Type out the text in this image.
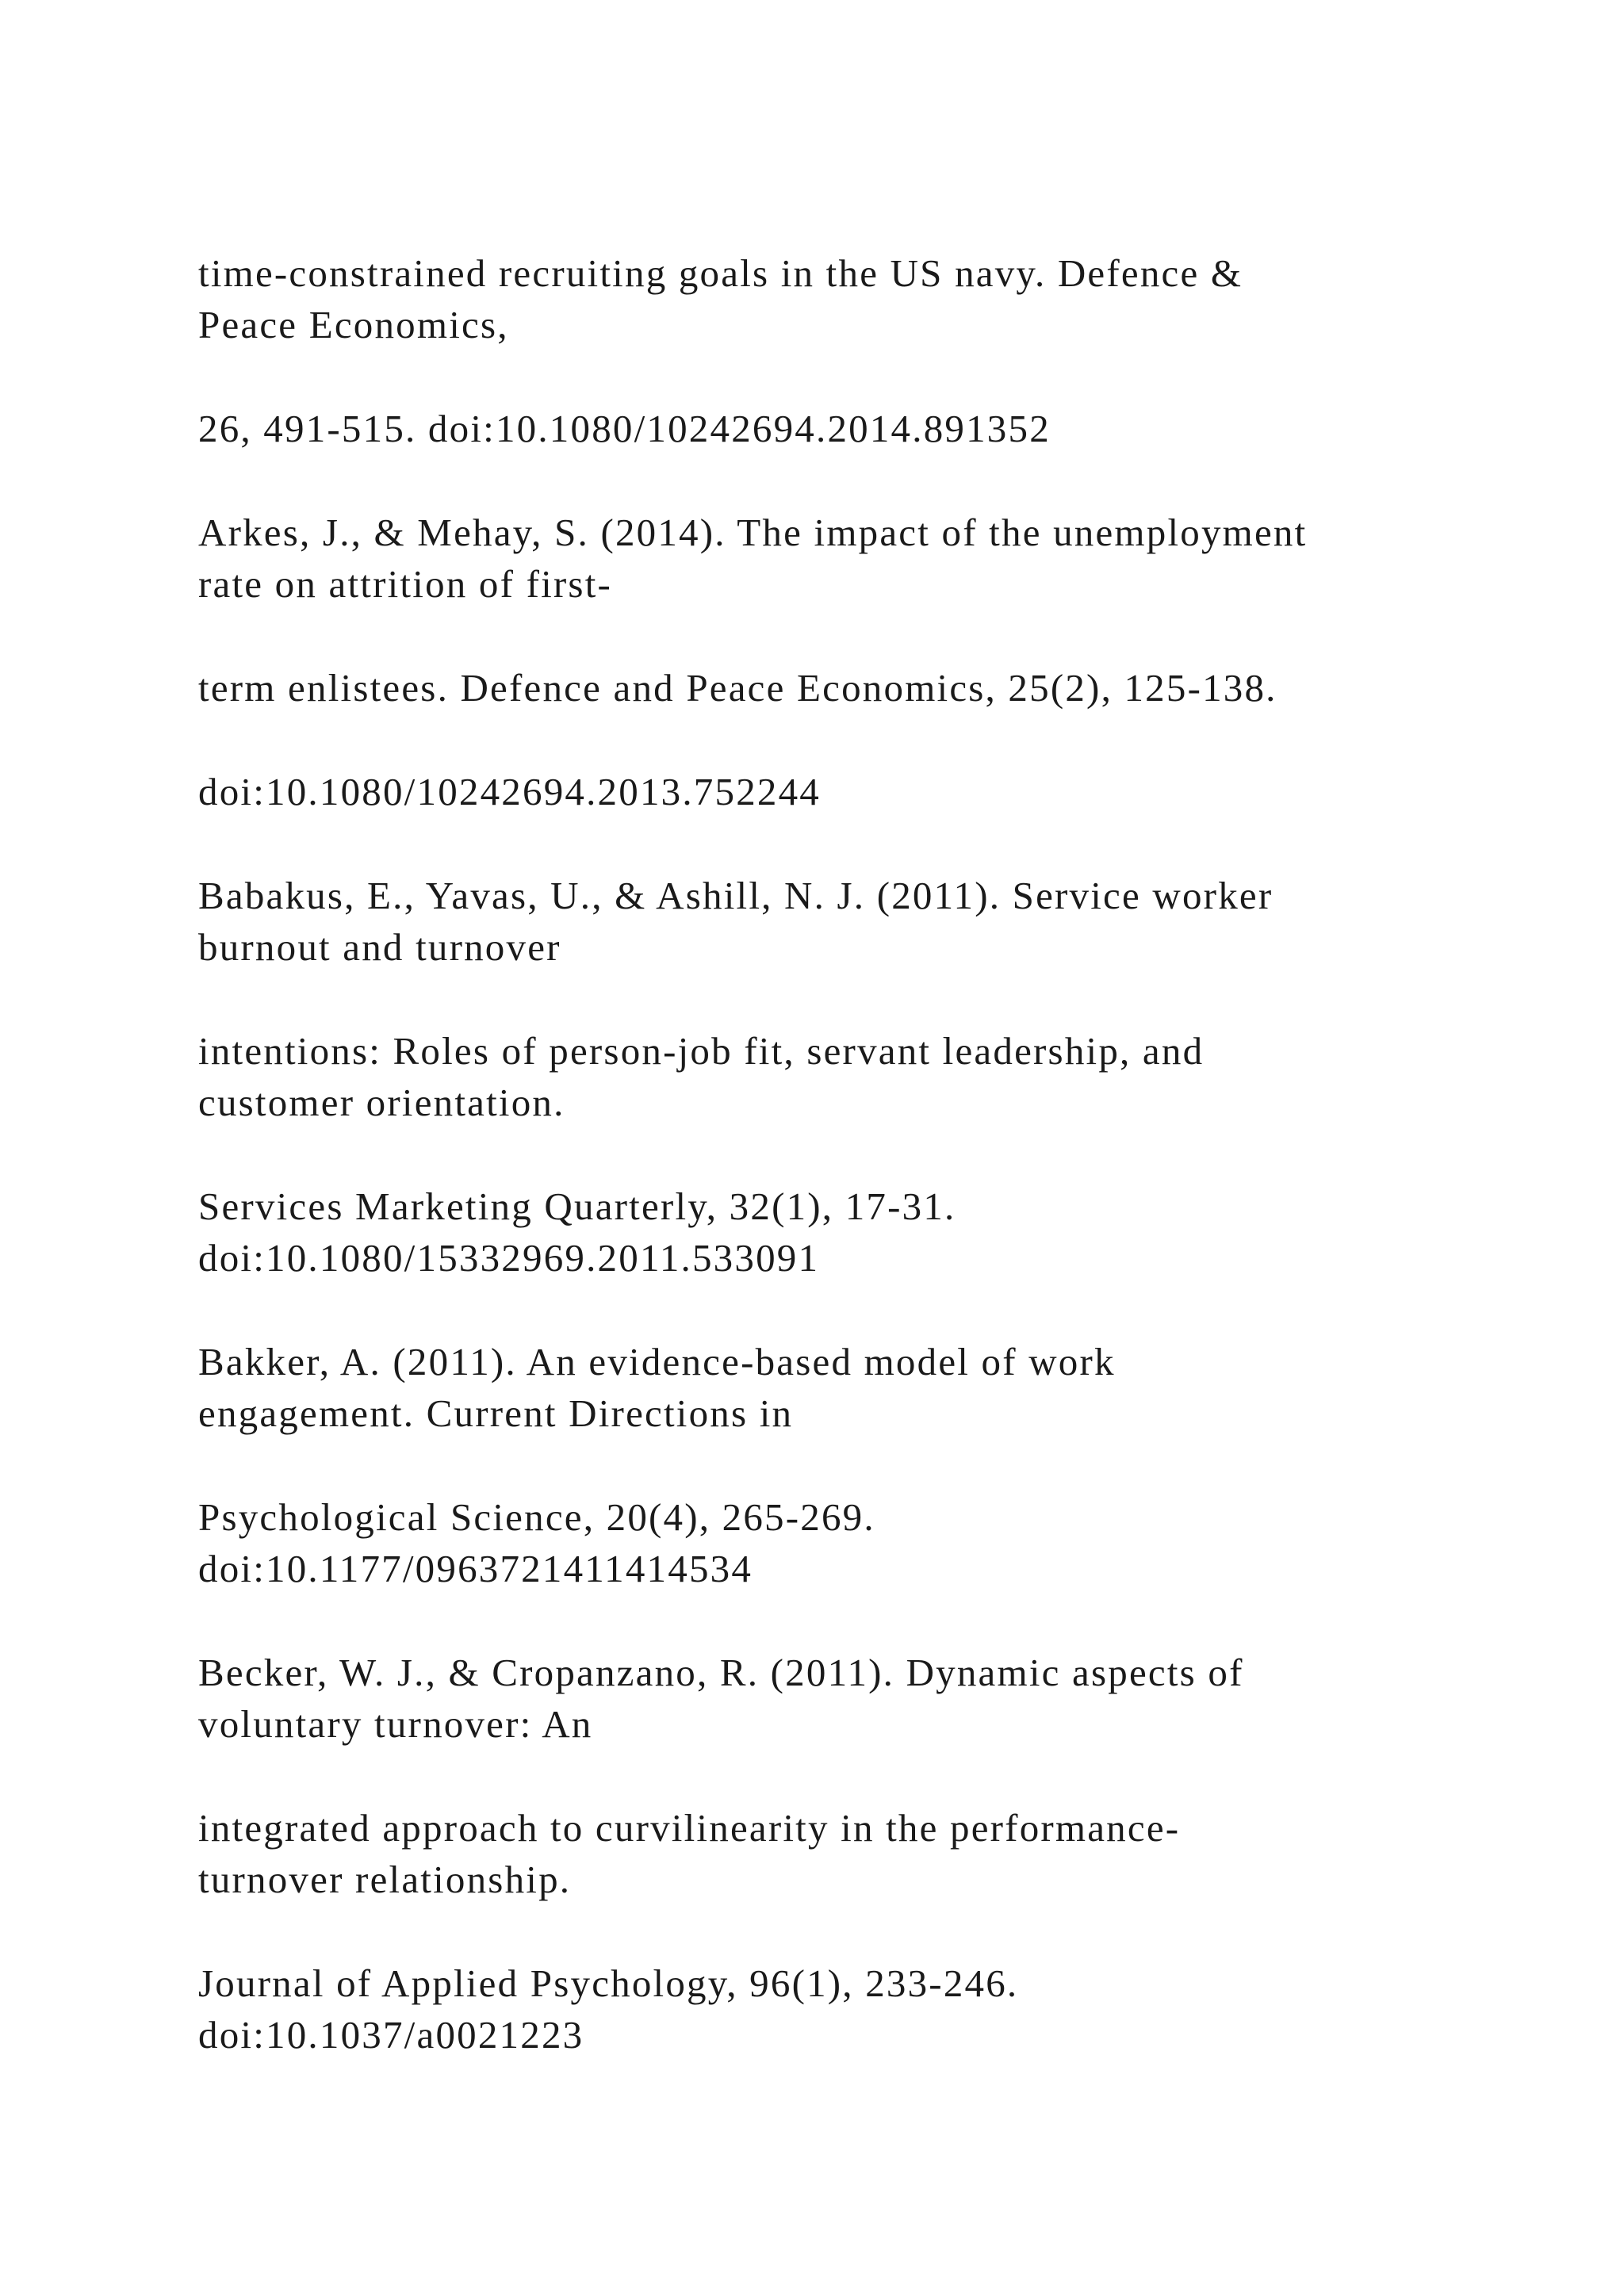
time-constrained recruiting goals in the US navy. Defence &

Peace Economics,

26, 491-515. doi:10.1080/10242694.2014.891352

Arkes, J., & Mehay, S. (2014). The impact of the unemployment

rate on attrition of first-

term enlistees. Defence and Peace Economics, 25(2), 125-138.

doi:10.1080/10242694.2013.752244

Babakus, E., Yavas, U., & Ashill, N. J. (2011). Service worker

burnout and turnover

intentions: Roles of person-job fit, servant leadership, and

customer orientation.

Services Marketing Quarterly, 32(1), 17-31.

doi:10.1080/15332969.2011.533091

Bakker, A. (2011). An evidence-based model of work

engagement. Current Directions in

Psychological Science, 20(4), 265-269.

doi:10.1177/0963721411414534

Becker, W. J., & Cropanzano, R. (2011). Dynamic aspects of

voluntary turnover: An

integrated approach to curvilinearity in the performance-

turnover relationship.

Journal of Applied Psychology, 96(1), 233-246.

doi:10.1037/a0021223
